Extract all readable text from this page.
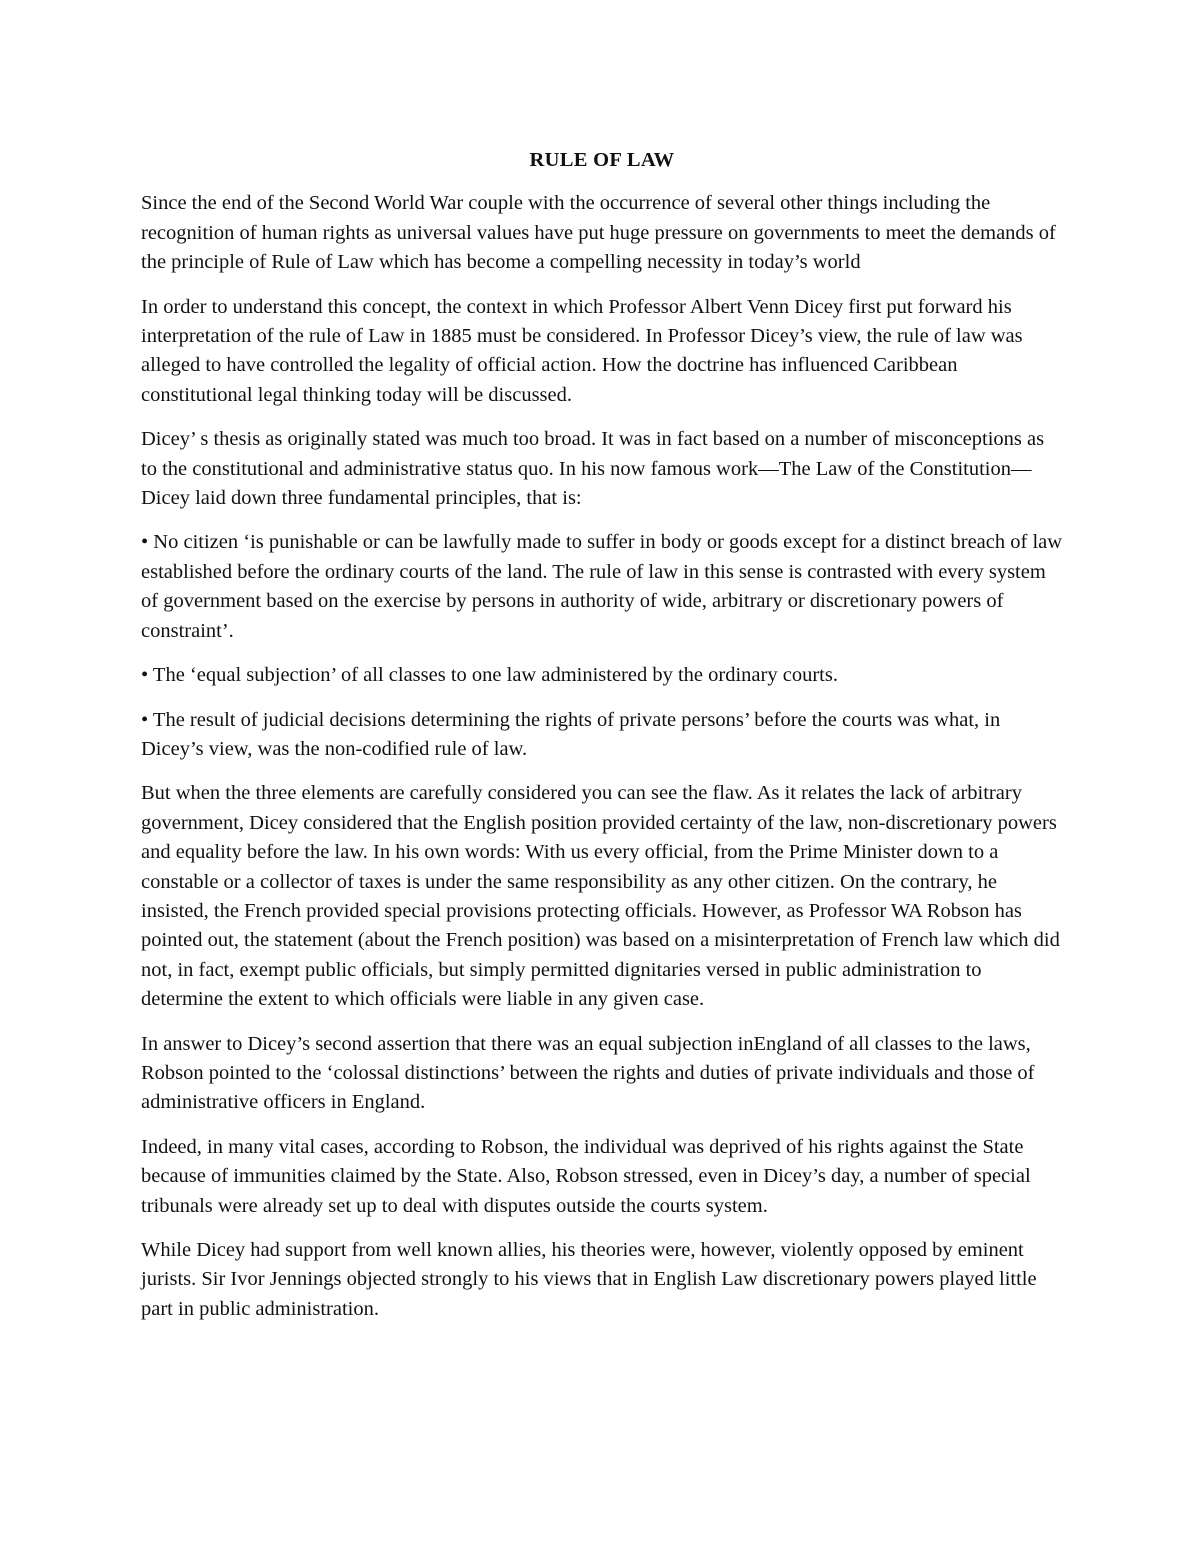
RULE OF LAW

Since the end of the Second World War couple with the occurrence of several other things including the recognition of human rights as universal values have put huge pressure on governments to meet the demands of the principle of Rule of Law which has become a compelling necessity in today’s world

In order to understand this concept, the context in which Professor Albert Venn Dicey first put forward his interpretation of the rule of Law in 1885 must be considered. In Professor Dicey’s view, the rule of law was alleged to have controlled the legality of official action. How the doctrine has influenced Caribbean constitutional legal thinking today will be discussed.

Dicey’ s thesis as originally stated was much too broad. It was in fact based on a number of misconceptions as to the constitutional and administrative status quo. In his now famous work—The Law of the Constitution—Dicey laid down three fundamental principles, that is:

• No citizen ‘is punishable or can be lawfully made to suffer in body or goods except for a distinct breach of law established before the ordinary courts of the land. The rule of law in this sense is contrasted with every system of government based on the exercise by persons in authority of wide, arbitrary or discretionary powers of constraint’.

• The ‘equal subjection’ of all classes to one law administered by the ordinary courts.

• The result of judicial decisions determining the rights of private persons’ before the courts was what, in Dicey’s view, was the non-codified rule of law.

But when the three elements are carefully considered you can see the flaw. As it relates the lack of arbitrary government, Dicey considered that the English position provided certainty of the law, non-discretionary powers and equality before the law. In his own words: With us every official, from the Prime Minister down to a constable or a collector of taxes is under the same responsibility as any other citizen. On the contrary, he insisted, the French provided special provisions protecting officials. However, as Professor WA Robson has pointed out, the statement (about the French position) was based on a misinterpretation of French law which did not, in fact, exempt public officials, but simply permitted dignitaries versed in public administration to determine the extent to which officials were liable in any given case.

In answer to Dicey’s second assertion that there was an equal subjection inEngland of all classes to the laws, Robson pointed to the ‘colossal distinctions’ between the rights and duties of private individuals and those of administrative officers in England.

Indeed, in many vital cases, according to Robson, the individual was deprived of his rights against the State because of immunities claimed by the State. Also, Robson stressed, even in Dicey’s day, a number of special tribunals were already set up to deal with disputes outside the courts system.

While Dicey had support from well known allies, his theories were, however, violently opposed by eminent jurists. Sir Ivor Jennings objected strongly to his views that in English Law discretionary powers played little part in public administration.
